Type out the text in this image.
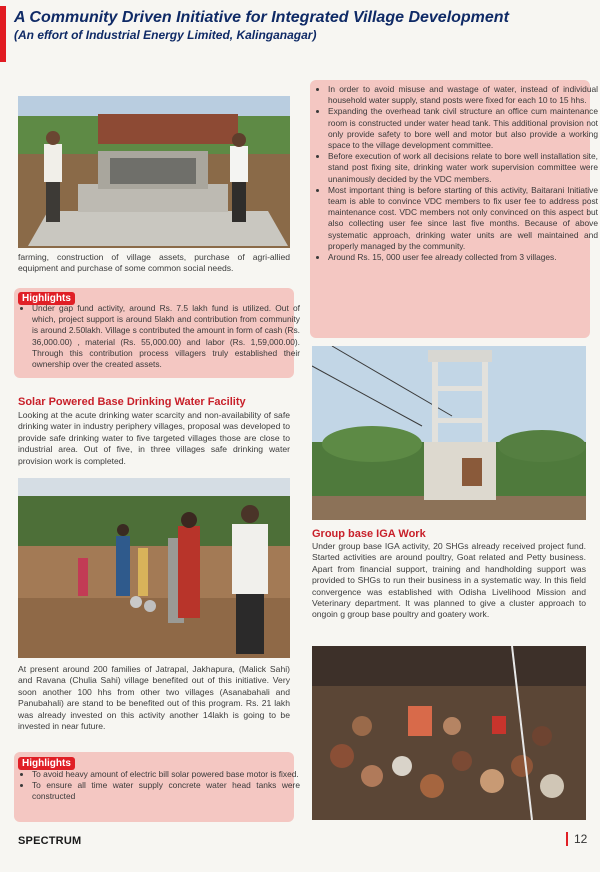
A Community Driven Initiative for Integrated Village Development
(An effort of Industrial Energy Limited, Kalinganagar)
farming, construction of village assets, purchase of agri-allied equipment and purchase of some common social needs.
Highlights
• Under gap fund activity, around Rs. 7.5 lakh fund is utilized. Out of which, project support is around 5lakh and contribution from community is around 2.50lakh. Village s contributed the amount in form of cash (Rs. 36,000.00) , material (Rs. 55,000.00) and labor (Rs. 1,59,000.00). Through this contribution process villagers truly established their ownership over the created assets.
Solar Powered Base Drinking Water Facility
Looking at the acute drinking water scarcity and non-availability of safe drinking water in industry periphery villages, proposal was developed to provide safe drinking water to five targeted villages those are close to industrial area. Out of five, in three villages safe drinking water provision work is completed.
At present around 200 families of Jatrapal, Jakhapura, (Malick Sahi) and Ravana (Chulia Sahi) village benefited out of this initiative. Very soon another 100 hhs from other two villages (Asanabahali and Panubahali) are stand to be benefited out of this program. Rs. 21 lakh was already invested on this activity another 14lakh is going to be invested in near future.
Highlights
• To avoid heavy amount of electric bill solar powered base motor is fixed.
• To ensure all time water supply concrete water head tanks were constructed
• In order to avoid misuse and wastage of water, instead of individual household water supply, stand posts were fixed for each 10 to 15 hhs.
• Expanding the overhead tank civil structure an office cum maintenance room is constructed under water head tank. This additional provision not only provide safety to bore well and motor but also provide a working space to the village development committee.
• Before execution of work all decisions relate to bore well installation site, stand post fixing site, drinking water work supervision committee were unanimously decided by the VDC members.
• Most important thing is before starting of this activity, Baitarani Initiative team is able to convince VDC members to fix user fee to address post maintenance cost. VDC members not only convinced on this aspect but also collecting user fee since last five months. Because of above systematic approach, drinking water units are well maintained and properly managed by the community.
• Around Rs. 15, 000 user fee already collected from 3 villages.
Group base IGA Work
Under group base IGA activity, 20 SHGs already received project fund. Started activities are around poultry, Goat related and Petty business. Apart from financial support, training and handholding support was provided to SHGs to run their business in a systematic way. In this field convergence was established with Odisha Livelihood Mission and Veterinary department. It was planned to give a cluster approach to ongoin g group base poultry and goatery work.
SPECTRUM	12
